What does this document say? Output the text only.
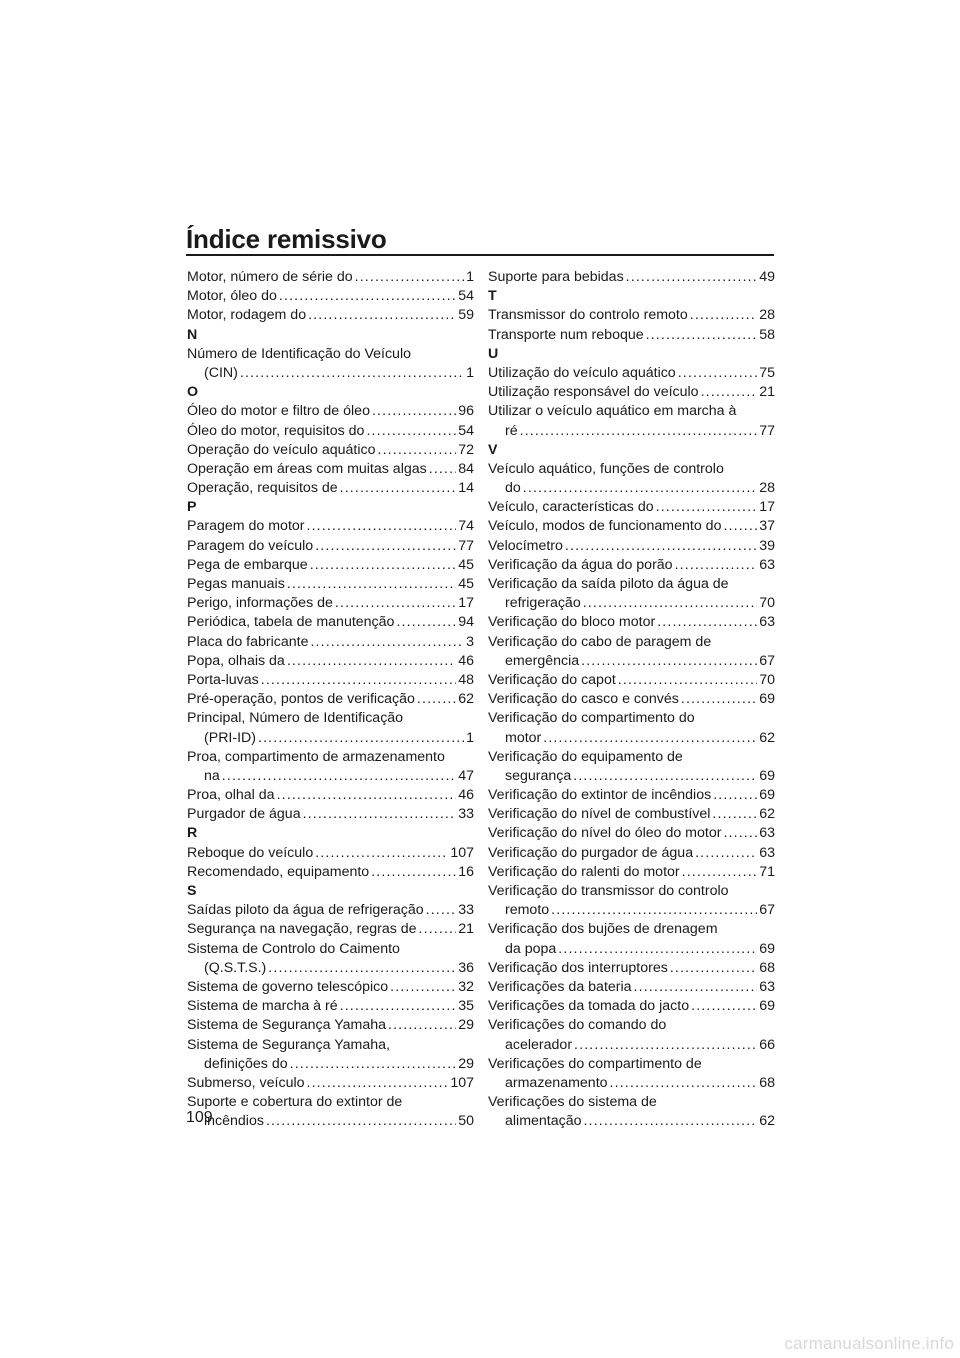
Índice remissivo
Motor, número de série do . . .	1
Motor, óleo do . . .	54
Motor, rodagem do . . .	59
N
Número de Identificação do Veículo
(CIN) . . .	1
O
Óleo do motor e filtro de óleo . . .	96
Óleo do motor, requisitos do . . .	54
Operação do veículo aquático . . .	72
Operação em áreas com muitas algas . . . 84
Operação, requisitos de . . .	14
P
Paragem do motor . . .	74
Paragem do veículo . . .	77
Pega de embarque . . .	45
Pegas manuais . . .	45
Perigo, informações de . . .	17
Periódica, tabela de manutenção . . .	94
Placa do fabricante . . .	3
Popa, olhais da . . .	46
Porta-luvas . . .	48
Pré-operação, pontos de verificação . . .	62
Principal, Número de Identificação
(PRI-ID) . . .	1
Proa, compartimento de armazenamento
na . . .	47
Proa, olhal da . . .	46
Purgador de água . . .	33
R
Reboque do veículo . . .	107
Recomendado, equipamento . . .	16
S
Saídas piloto da água de refrigeração . . . 33
Segurança na navegação, regras de . . .	21
Sistema de Controlo do Caimento
(Q.S.T.S.) . . .	36
Sistema de governo telescópico . . .	32
Sistema de marcha à ré . . .	35
Sistema de Segurança Yamaha . . .	29
Sistema de Segurança Yamaha,
definições do . . .	29
Submerso, veículo . . .	107
Suporte e cobertura do extintor de
incêndios . . .	50
Suporte para bebidas . . .	49
T
Transmissor do controlo remoto . . .	28
Transporte num reboque . . .	58
U
Utilização do veículo aquático . . .	75
Utilização responsável do veículo . . .	21
Utilizar o veículo aquático em marcha à
ré . . .	77
V
Veículo aquático, funções de controlo
do . . .	28
Veículo, características do . . .	17
Veículo, modos de funcionamento do . . .	37
Velocímetro . . .	39
Verificação da água do porão . . .	63
Verificação da saída piloto da água de
refrigeração . . .	70
Verificação do bloco motor . . .	63
Verificação do cabo de paragem de
emergência . . .	67
Verificação do capot . . .	70
Verificação do casco e convés . . .	69
Verificação do compartimento do
motor . . .	62
Verificação do equipamento de
segurança . . .	69
Verificação do extintor de incêndios . . .	69
Verificação do nível de combustível . . .	62
Verificação do nível do óleo do motor . . .	63
Verificação do purgador de água . . .	63
Verificação do ralenti do motor . . .	71
Verificação do transmissor do controlo
remoto . . .	67
Verificação dos bujões de drenagem
da popa . . .	69
Verificação dos interruptores . . .	68
Verificações da bateria . . .	63
Verificações da tomada do jacto . . .	69
Verificações do comando do
acelerador . . .	66
Verificações do compartimento de
armazenamento . . .	68
Verificações do sistema de
alimentação . . .	62
109
carmanualsonline.info
